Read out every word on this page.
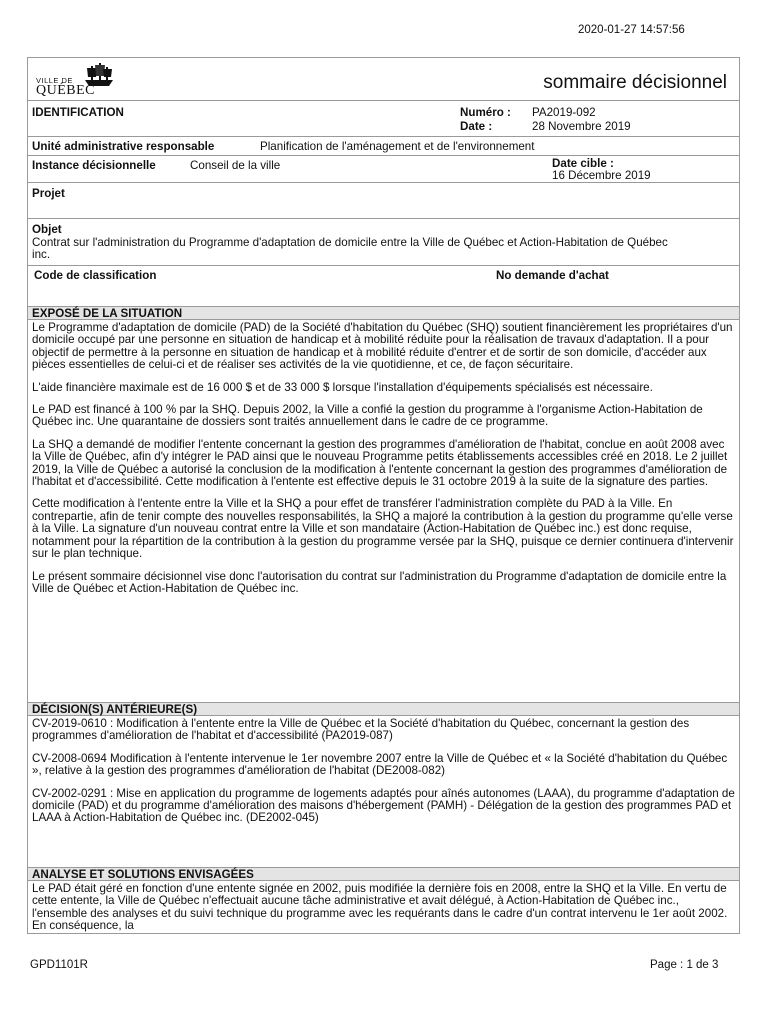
2020-01-27 14:57:56
VILLE DE
QUÉBEC	sommaire décisionnel
IDENTIFICATION	Numéro : PA2019-092
Date :	28 Novembre 2019
Unité administrative responsable	Planification de l'aménagement et de l'environnement
Instance décisionnelle	Conseil de la ville	Date cible :
16 Décembre 2019
Projet
Objet
Contrat sur l'administration du Programme d'adaptation de domicile entre la Ville de Québec et Action-Habitation de Québec inc.
Code de classification	No demande d'achat
EXPOSÉ DE LA SITUATION

Le Programme d'adaptation de domicile (PAD) de la Société d'habitation du Québec (SHQ) soutient financièrement les propriétaires d'un domicile occupé par une personne en situation de handicap et à mobilité réduite pour la réalisation de travaux d'adaptation. Il a pour objectif de permettre à la personne en situation de handicap et à mobilité réduite d'entrer et de sortir de son domicile, d'accéder aux pièces essentielles de celui-ci et de réaliser ses activités de la vie quotidienne, et ce, de façon sécuritaire.

L'aide financière maximale est de 16 000 $ et de 33 000 $ lorsque l'installation d'équipements spécialisés est nécessaire.

Le PAD est financé à 100 % par la SHQ. Depuis 2002, la Ville a confié la gestion du programme à l'organisme Action-Habitation de Québec inc. Une quarantaine de dossiers sont traités annuellement dans le cadre de ce programme.

La SHQ a demandé de modifier l'entente concernant la gestion des programmes d'amélioration de l'habitat, conclue en août 2008 avec la Ville de Québec, afin d'y intégrer le PAD ainsi que le nouveau Programme petits établissements accessibles créé en 2018. Le 2 juillet 2019, la Ville de Québec a autorisé la conclusion de la modification à l'entente concernant la gestion des programmes d'amélioration de l'habitat et d'accessibilité. Cette modification à l'entente est effective depuis le 31 octobre 2019 à la suite de la signature des parties.

Cette modification à l'entente entre la Ville et la SHQ a pour effet de transférer l'administration complète du PAD à la Ville. En contrepartie, afin de tenir compte des nouvelles responsabilités, la SHQ a majoré la contribution à la gestion du programme qu'elle verse à la Ville. La signature d'un nouveau contrat entre la Ville et son mandataire (Action-Habitation de Québec inc.) est donc requise, notamment pour la répartition de la contribution à la gestion du programme versée par la SHQ, puisque ce dernier continuera d'intervenir sur le plan technique.

Le présent sommaire décisionnel vise donc l'autorisation du contrat sur l'administration du Programme d'adaptation de domicile entre la Ville de Québec et Action-Habitation de Québec inc.

DÉCISION(S) ANTÉRIEURE(S)

CV-2019-0610 : Modification à l'entente entre la Ville de Québec et la Société d'habitation du Québec, concernant la gestion des programmes d'amélioration de l'habitat et d'accessibilité (PA2019-087)

CV-2008-0694 Modification à l'entente intervenue le 1er novembre 2007 entre la Ville de Québec et « la Société d'habitation du Québec », relative à la gestion des programmes d'amélioration de l'habitat (DE2008-082)

CV-2002-0291 : Mise en application du programme de logements adaptés pour aînés autonomes (LAAA), du programme d'adaptation de domicile (PAD) et du programme d'amélioration des maisons d'hébergement (PAMH) - Délégation de la gestion des programmes PAD et LAAA à Action-Habitation de Québec inc. (DE2002-045)

ANALYSE ET SOLUTIONS ENVISAGÉES

Le PAD était géré en fonction d'une entente signée en 2002, puis modifiée la dernière fois en 2008, entre la SHQ et la Ville. En vertu de cette entente, la Ville de Québec n'effectuait aucune tâche administrative et avait délégué, à Action-Habitation de Québec inc., l'ensemble des analyses et du suivi technique du programme avec les requérants dans le cadre d'un contrat intervenu le 1er août 2002. En conséquence, la

GPD1101R	Page : 1 de 3
